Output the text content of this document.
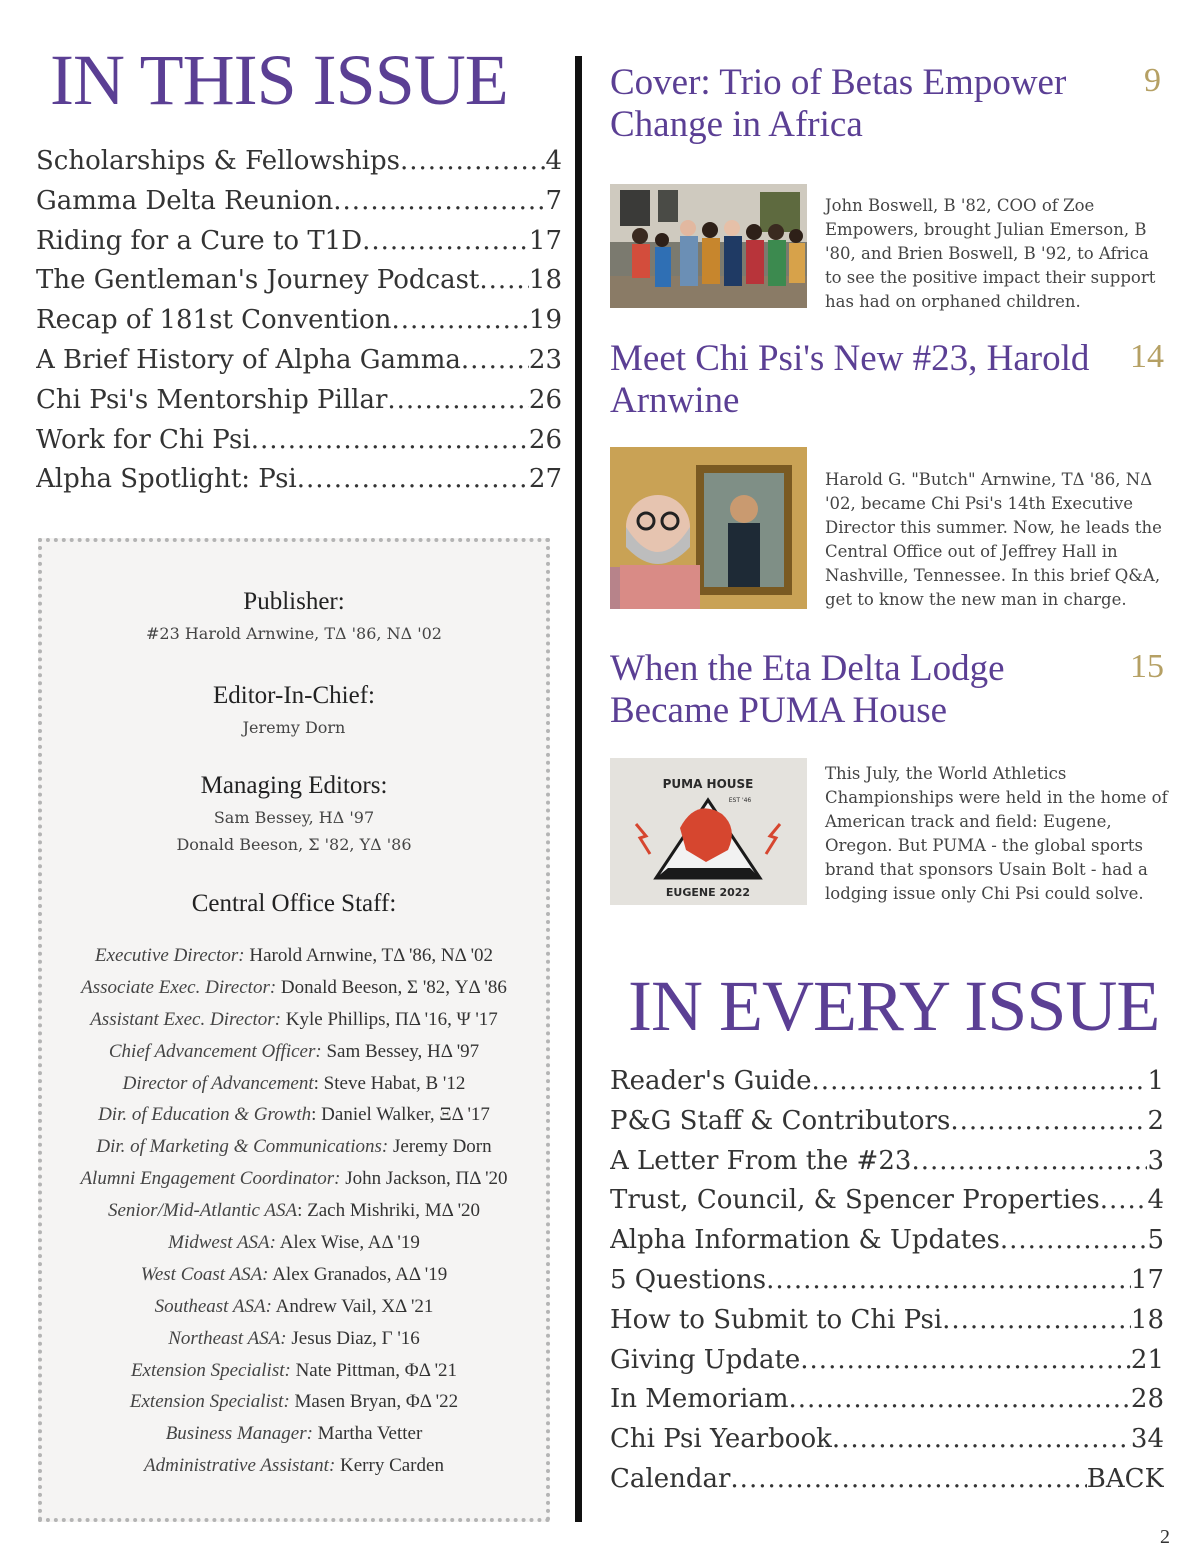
IN THIS ISSUE
Scholarships & Fellowships .....	4
Gamma Delta Reunion .....	7
Riding for a Cure to T1D .....	17
The Gentleman's Journey Podcast ..... 18
Recap of 181st Convention .....	19
A Brief History of Alpha Gamma .....	23
Chi Psi's Mentorship Pillar .....	26
Work for Chi Psi .....	26
Alpha Spotlight: Psi .....	27
Publisher:

#23 Harold Arnwine, TΔ '86, NΔ '02

Editor-In-Chief:

Jeremy Dorn

Managing Editors:

Sam Bessey, HΔ '97

Donald Beeson, Σ '82, YΔ '86

Central Office Staff:
Executive Director: Harold Arnwine, TΔ '86, NΔ '02
Associate Exec. Director: Donald Beeson, Σ '82, YΔ '86
Assistant Exec. Director: Kyle Phillips, ΠΔ '16, Ψ '17
Chief Advancement Officer: Sam Bessey, HΔ '97
Director of Advancement: Steve Habat, B '12
Dir. of Education & Growth: Daniel Walker, ΞΔ '17
Dir. of Marketing & Communications: Jeremy Dorn
Alumni Engagement Coordinator: John Jackson, ΠΔ '20
Senior/Mid-Atlantic ASA: Zach Mishriki, MΔ '20
Midwest ASA: Alex Wise, AΔ '19
West Coast ASA: Alex Granados, AΔ '19
Southeast ASA: Andrew Vail, XΔ '21
Northeast ASA: Jesus Diaz, Γ '16
Extension Specialist: Nate Pittman, ΦΔ '21
Extension Specialist: Masen Bryan, ΦΔ '22
Business Manager: Martha Vetter
Administrative Assistant: Kerry Carden
Cover: Trio of Betas Empower Change in Africa
9

John Boswell, B '82, COO of Zoe Empowers, brought Julian Emerson, B '80, and Brien Boswell, B '92, to Africa to see the positive impact their support has had on orphaned children.

Meet Chi Psi's New #23, Harold Arnwine
14

Harold G. "Butch" Arnwine, TΔ '86, NΔ '02, became Chi Psi's 14th Executive Director this summer. Now, he leads the Central Office out of Jeffrey Hall in Nashville, Tennessee. In this brief Q&A, get to know the new man in charge.

When the Eta Delta Lodge Became PUMA House
15
PUMA HOUSE
EST '46
EUGENE 2022

This July, the World Athletics Championships were held in the home of American track and field: Eugene, Oregon. But PUMA - the global sports brand that sponsors Usain Bolt - had a lodging issue only Chi Psi could solve.

IN EVERY ISSUE
Reader's Guide .....	1
P&G Staff & Contributors .....	2
A Letter From the #23 .....	3
Trust, Council, & Spencer Properties ..... 4
Alpha Information & Updates .....	5
5 Questions .....	17
How to Submit to Chi Psi .....	18
Giving Update .....	21
In Memoriam .....	28
Chi Psi Yearbook .....	34
Calendar .....	BACK
2
